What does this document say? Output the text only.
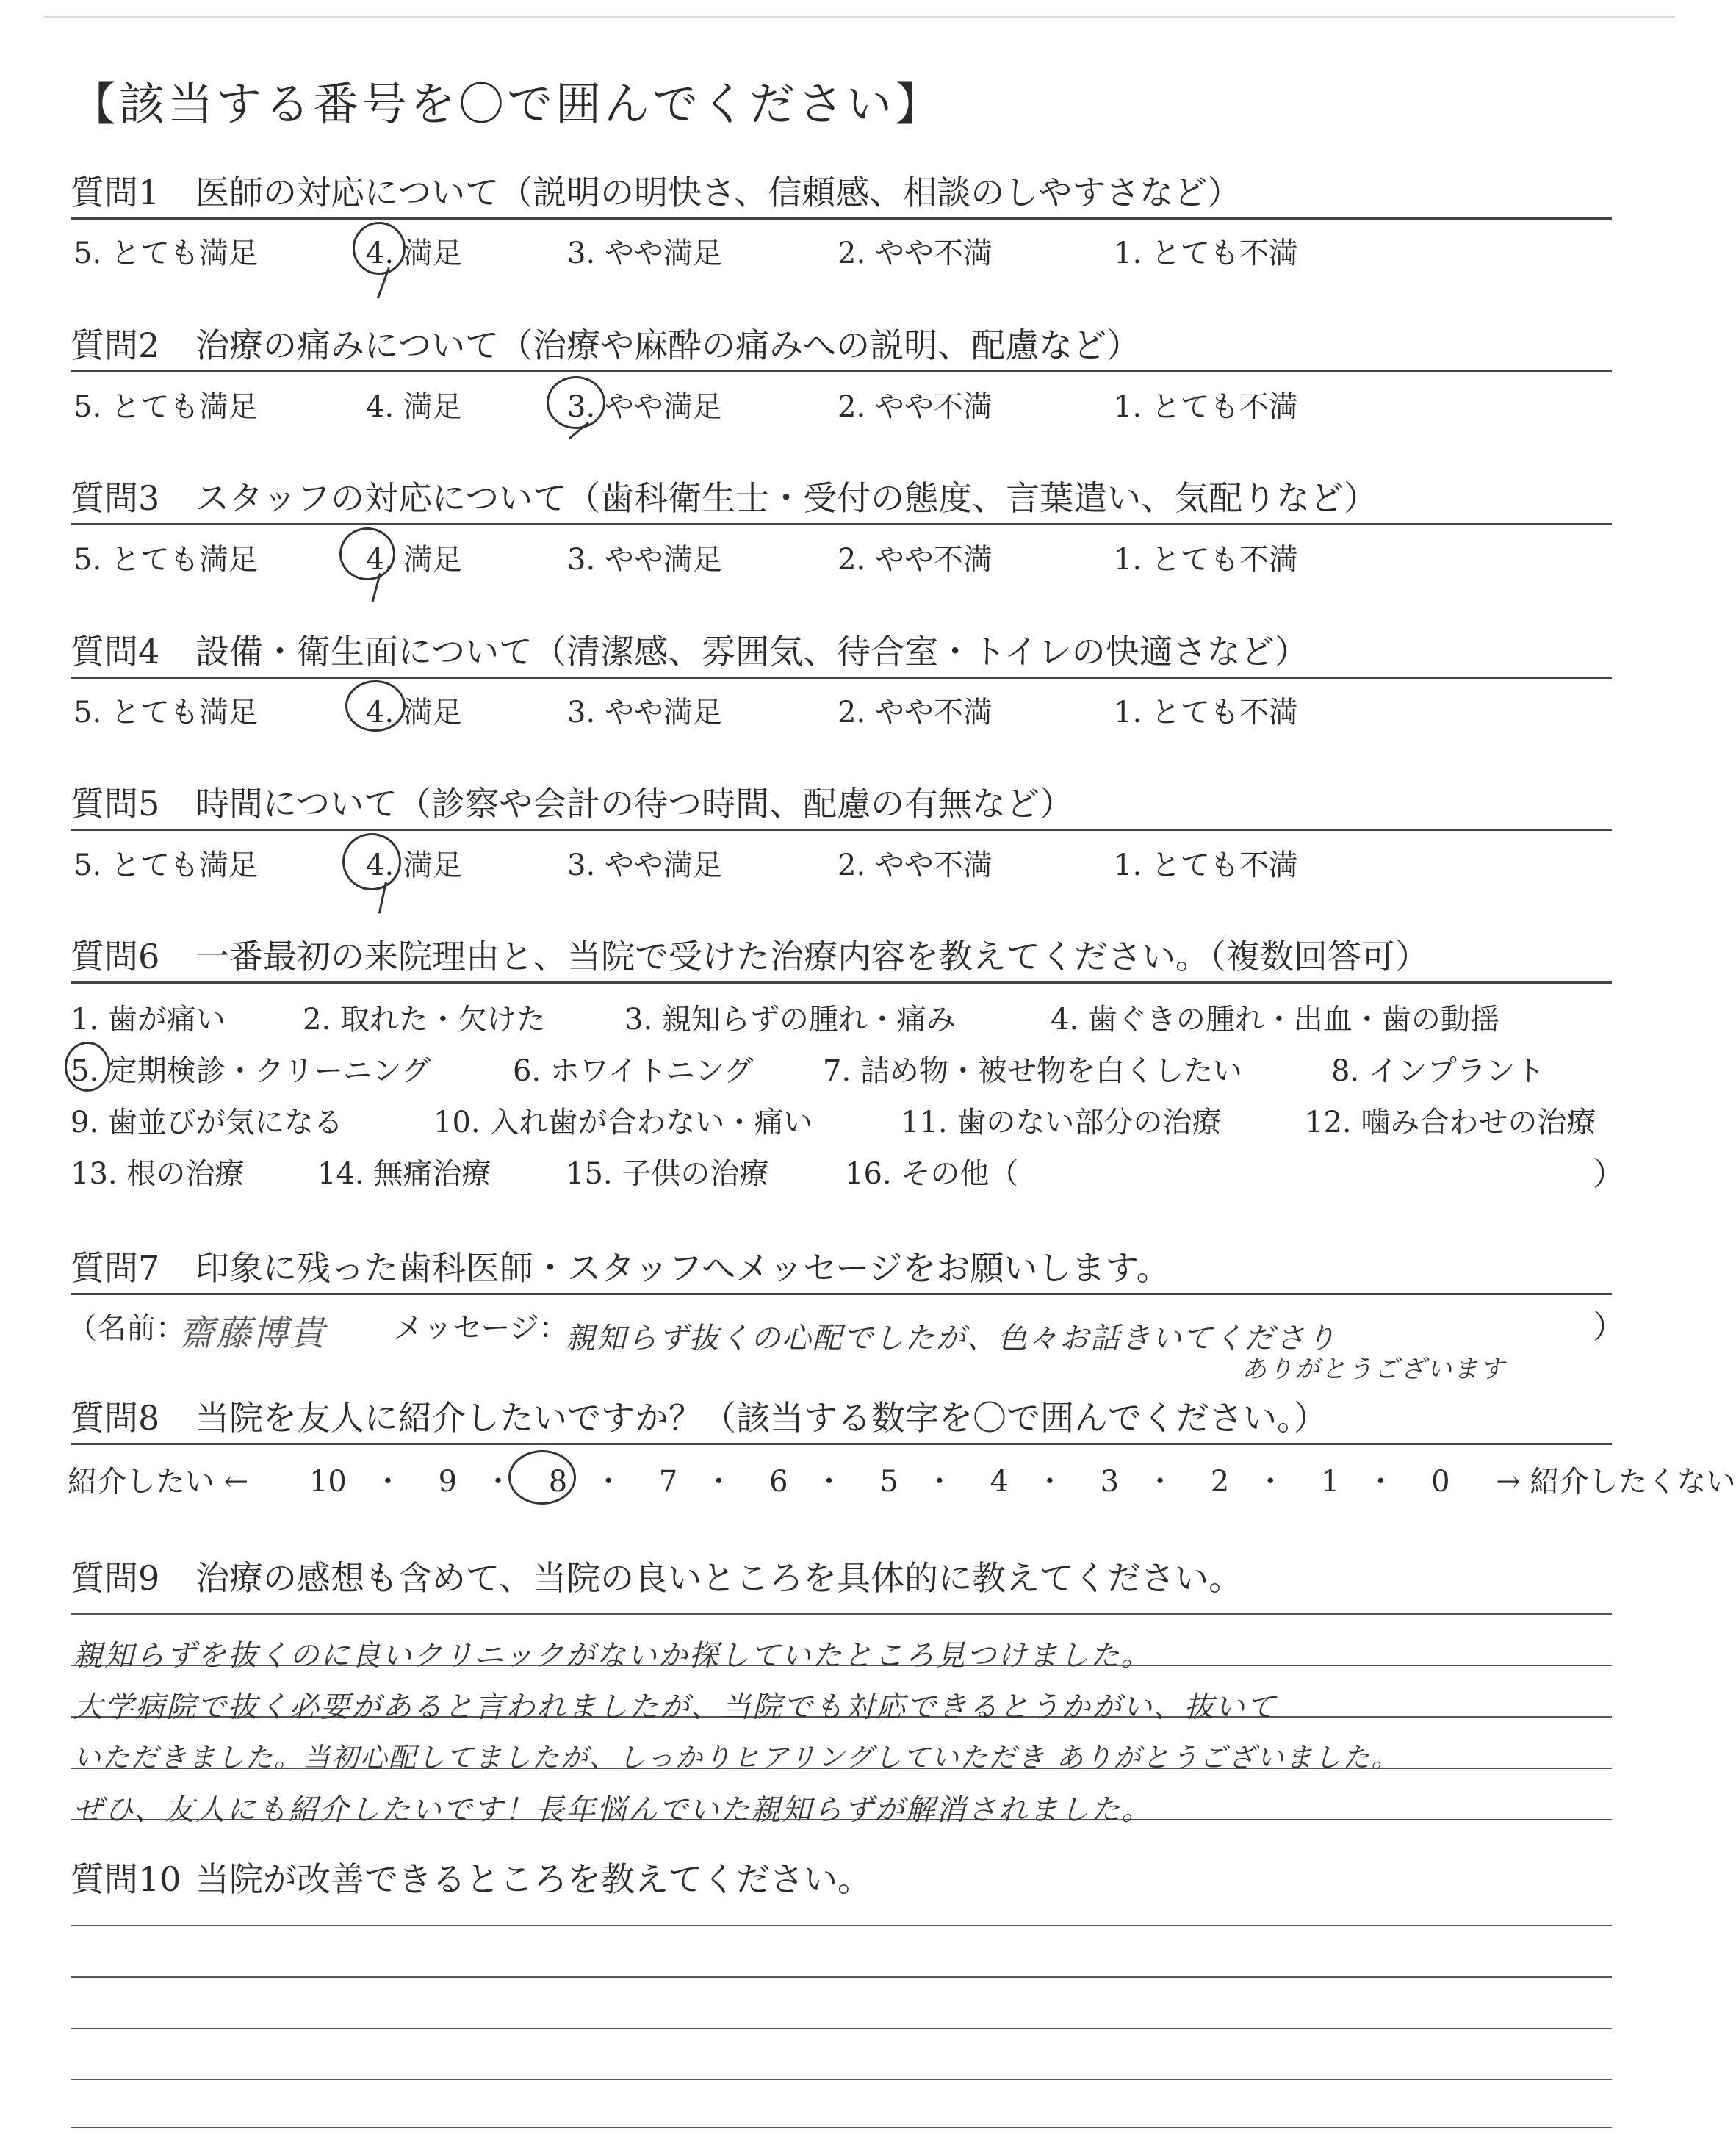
【該当する番号を〇で囲んでください】
質問1 医師の対応について（説明の明快さ、信頼感、相談のしやすさなど）
5. とても満足	4. 満足	3. やや満足	2. やや不満	1. とても不満
質問2 治療の痛みについて（治療や麻酔の痛みへの説明、配慮など）
5. とても満足	4. 満足	3. やや満足	2. やや不満	1. とても不満
質問3 スタッフの対応について（歯科衛生士・受付の態度、言葉遣い、気配りなど）
5. とても満足	4. 満足	3. やや満足	2. やや不満	1. とても不満
質問4 設備・衛生面について（清潔感、雰囲気、待合室・トイレの快適さなど）
5. とても満足	4. 満足	3. やや満足	2. やや不満	1. とても不満
質問5 時間について（診察や会計の待つ時間、配慮の有無など）
5. とても満足	4. 満足	3. やや満足	2. やや不満	1. とても不満
質問6 一番最初の来院理由と、当院で受けた治療内容を教えてください。（複数回答可）
1. 歯が痛い	2. 取れた・欠けた	3. 親知らずの腫れ・痛み	4. 歯ぐきの腫れ・出血・歯の動揺
5. 定期検診・クリーニング	6. ホワイトニング 7. 詰め物・被せ物を白くしたい	8. インプラント
9. 歯並びが気になる	10. 入れ歯が合わない・痛い	11. 歯のない部分の治療	12. 噛み合わせの治療
13. 根の治療 14. 無痛治療	15. 子供の治療	16. その他（	）
質問7 印象に残った歯科医師・スタッフへメッセージをお願いします。
（名前：
齋藤博貴 メッセージ：
親知らず抜くの心配でしたが、色々お話きいてくださり
ありがとうございます
）
質問8 当院を友人に紹介したいですか？（該当する数字を〇で囲んでください。）
紹介したい ← 10 ・ 9 ・ 8 ・ 7 ・ 6 ・ 5 ・ 4 ・ 3 ・ 2 ・ 1 ・ 0 → 紹介したくない
質問9 治療の感想も含めて、当院の良いところを具体的に教えてください。
親知らずを抜くのに良いクリニックがないか探していたところ見つけました。
大学病院で抜く必要があると言われましたが、当院でも対応できるとうかがい、抜いて
いただきました。当初心配してましたが、しっかりヒアリングしていただき ありがとうございました。
ぜひ、友人にも紹介したいです！長年悩んでいた親知らずが解消されました。
質問10 当院が改善できるところを教えてください。
